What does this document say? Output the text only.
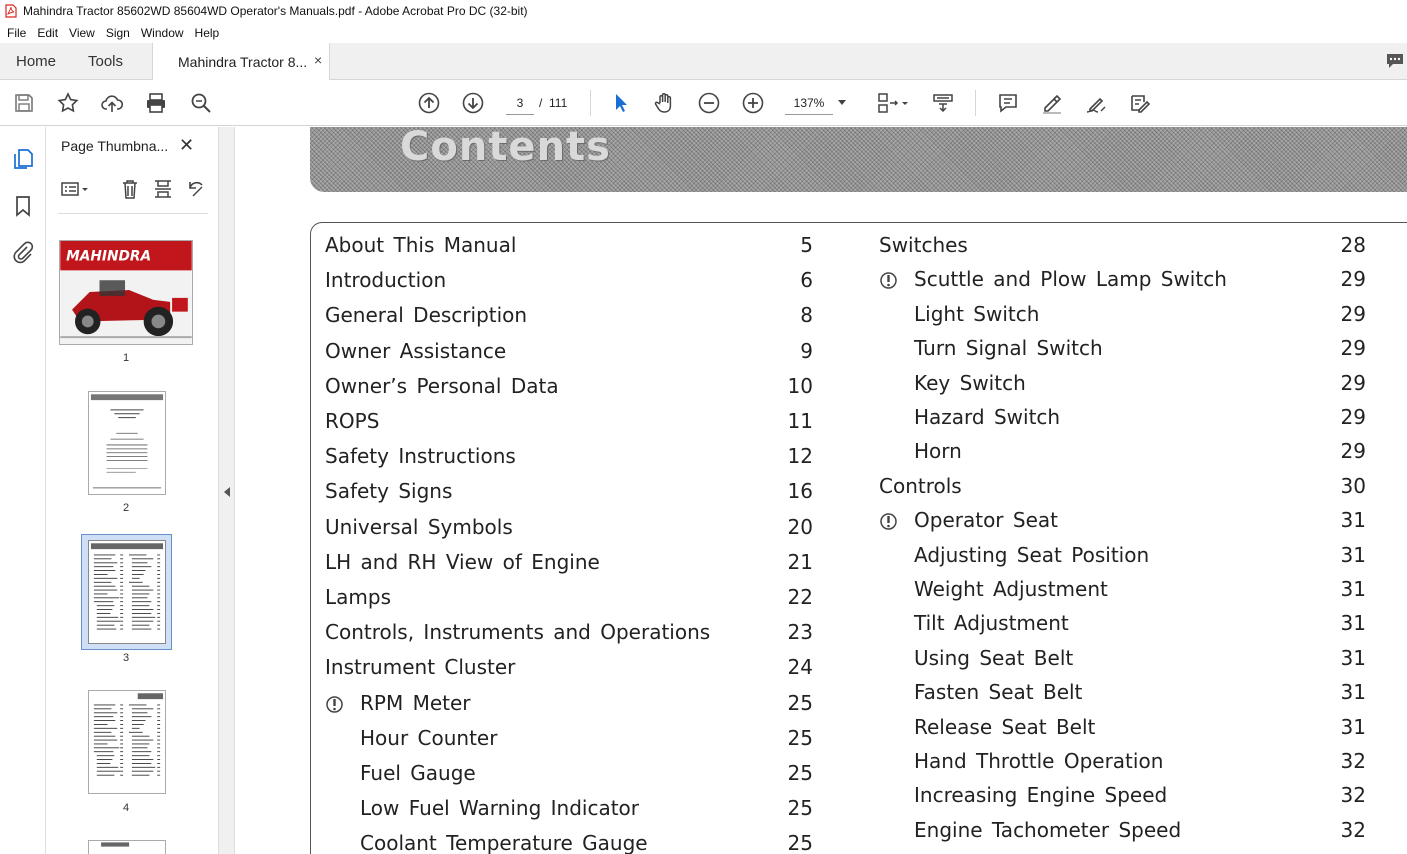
Mahindra Tractor 85602WD 85604WD Operator's Manuals.pdf - Adobe Acrobat Pro DC (32-bit)
File Edit View Sign Window Help
Home Tools	Mahindra Tractor 8... ×
3	/ 111	137%
Page Thumbna... ✕
MAHINDRA
1
2
3
4
Contents
About This Manual	5
Introduction	6
General Description	8
Owner Assistance	9
Owner’s Personal Data	10
ROPS	11
Safety Instructions	12
Safety Signs	16
Universal Symbols	20
LH and RH View of Engine	21
Lamps	22
Controls, Instruments and Operations	23
Instrument Cluster	24
RPM Meter	25
Hour Counter	25
Fuel Gauge	25
Low Fuel Warning Indicator	25
Coolant Temperature Gauge	25
Switches	28
Scuttle and Plow Lamp Switch	29
Light Switch	29
Turn Signal Switch	29
Key Switch	29
Hazard Switch	29
Horn	29
Controls	30
Operator Seat	31
Adjusting Seat Position	31
Weight Adjustment	31
Tilt Adjustment	31
Using Seat Belt	31
Fasten Seat Belt	31
Release Seat Belt	31
Hand Throttle Operation	32
Increasing Engine Speed	32
Engine Tachometer Speed	32
